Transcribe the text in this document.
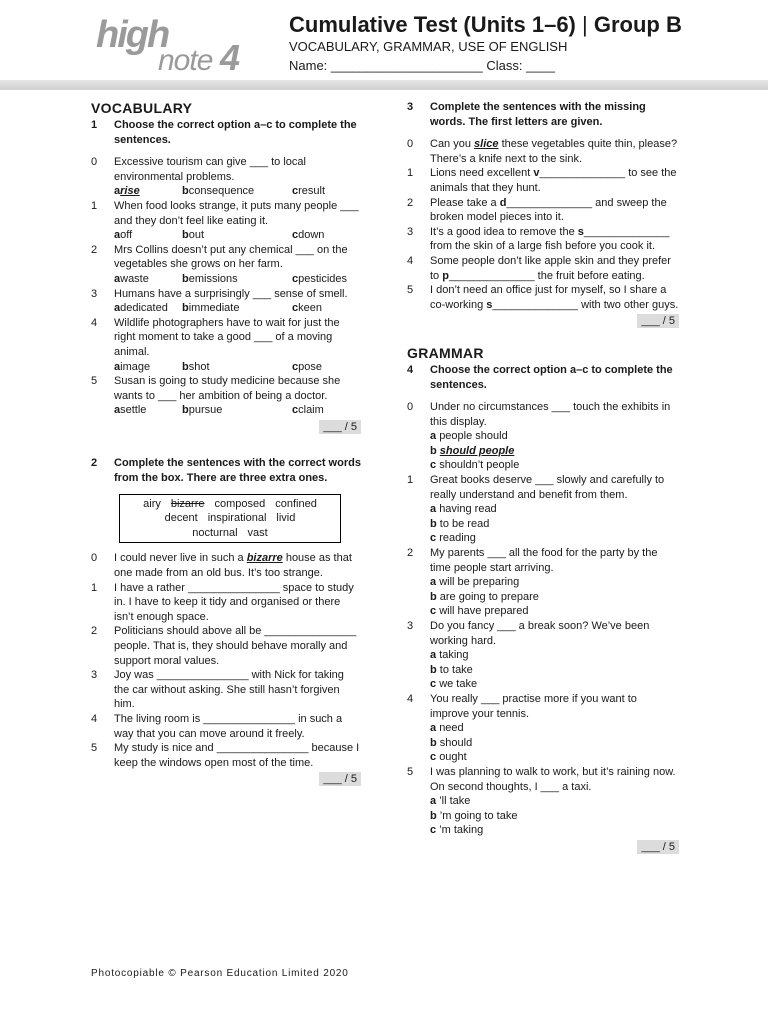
high
note 4
Cumulative Test (Units 1–6) | Group B
VOCABULARY, GRAMMAR, USE OF ENGLISH
Name: _____________________ Class: ____
VOCABULARY
1	Choose the correct option a–c to complete the sentences.
0	Excessive tourism can give ___ to local environmental problems.
arise	bconsequence	cresult
1	When food looks strange, it puts many people ___ and they don’t feel like eating it.
aoff	bout	cdown
2	Mrs Collins doesn’t put any chemical ___ on the vegetables she grows on her farm.
awaste	bemissions	cpesticides
3	Humans have a surprisingly ___ sense of smell.
adedicated	bimmediate	ckeen
4	Wildlife photographers have to wait for just the right moment to take a good ___ of a moving animal.
aimage	bshot	cpose
5	Susan is going to study medicine because she wants to ___ her ambition of being a doctor.
asettle	bpursue	cclaim
___ / 5
2	Complete the sentences with the correct words from the box. There are three extra ones.
airy bizarre composed confined
decent inspirational livid
nocturnal vast
0	I could never live in such a bizarre house as that one made from an old bus. It’s too strange.
1	I have a rather _______________ space to study in. I have to keep it tidy and organised or there isn’t enough space.
2	Politicians should above all be _______________ people. That is, they should behave morally and support moral values.
3	Joy was _______________ with Nick for taking the car without asking. She still hasn’t forgiven him.
4	The living room is _______________ in such a way that you can move around it freely.
5	My study is nice and _______________ because I keep the windows open most of the time.
___ / 5
3	Complete the sentences with the missing words. The first letters are given.
0	Can you slice these vegetables quite thin, please? There’s a knife next to the sink.
1	Lions need excellent v______________ to see the animals that they hunt.
2	Please take a d______________ and sweep the broken model pieces into it.
3	It’s a good idea to remove the s______________ from the skin of a large fish before you cook it.
4	Some people don’t like apple skin and they prefer to p______________ the fruit before eating.
5	I don’t need an office just for myself, so I share a co-working s______________ with two other guys.
___ / 5
GRAMMAR
4	Choose the correct option a–c to complete the sentences.
0	Under no circumstances ___ touch the exhibits in this display.
a people should
b should people
c shouldn’t people
1	Great books deserve ___ slowly and carefully to really understand and benefit from them.
a having read
b to be read
c reading
2	My parents ___ all the food for the party by the time people start arriving.
a will be preparing
b are going to prepare
c will have prepared
3	Do you fancy ___ a break soon? We’ve been working hard.
a taking
b to take
c we take
4	You really ___ practise more if you want to improve your tennis.
a need
b should
c ought
5	I was planning to walk to work, but it’s raining now. On second thoughts, I ___ a taxi.
a ’ll take
b ’m going to take
c ’m taking
___ / 5
Photocopiable © Pearson Education Limited 2020
